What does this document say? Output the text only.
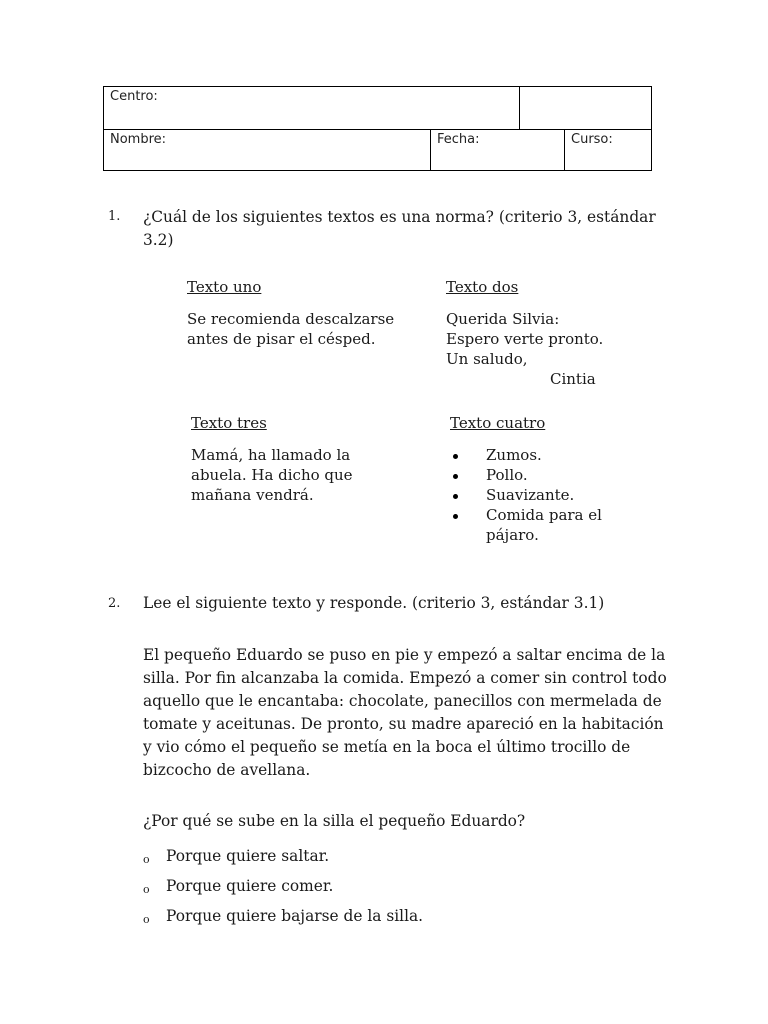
Centro:
Nombre:	Fecha:	Curso:
1. ¿Cuál de los siguientes textos es una norma? (criterio 3, estándar
3.2)
Texto uno
Se recomienda descalzarse
antes de pisar el césped.
Texto dos
Querida Silvia:
Espero verte pronto.
Un saludo,
Cintia
Texto tres
Mamá, ha llamado la
abuela. Ha dicho que
mañana vendrá.
Texto cuatro
Zumos.
Pollo.
Suavizante.
Comida para el
pájaro.
2. Lee el siguiente texto y responde. (criterio 3, estándar 3.1)
El pequeño Eduardo se puso en pie y empezó a saltar encima de la
silla. Por fin alcanzaba la comida. Empezó a comer sin control todo
aquello que le encantaba: chocolate, panecillos con mermelada de
tomate y aceitunas. De pronto, su madre apareció en la habitación
y vio cómo el pequeño se metía en la boca el último trocillo de
bizcocho de avellana.
¿Por qué se sube en la silla el pequeño Eduardo?
o Porque quiere saltar.
o Porque quiere comer.
o Porque quiere bajarse de la silla.
